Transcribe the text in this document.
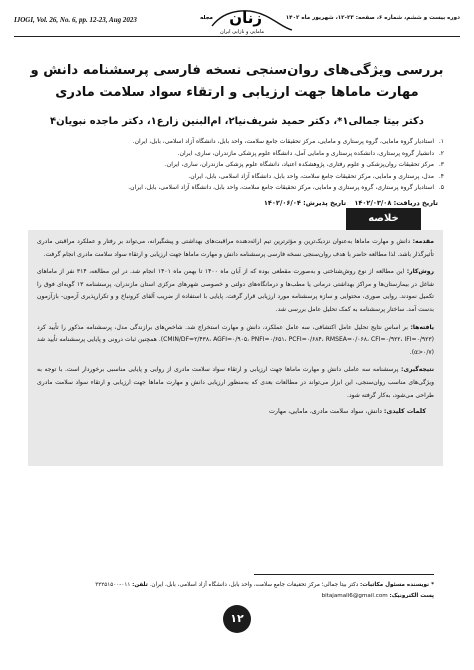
IJOGI, Vol. 26, No. 6, pp. 12-23, Aug 2023	مجله زنان
مامایی و نازایی ایران
دوره بیست و ششم، شماره ۶، صفحه: ۲۳-۱۲، شهریور ماه ۱۴۰۲
بررسی ویژگی‌های روان‌سنجی نسخه فارسی پرسشنامه دانش و مهارت ماماها جهت ارزیابی و ارتقاء سواد سلامت مادری
دکتر بیتا جمالی۱*، دکتر حمید شریف‌نیا۲، ام‌البنین زارع۱، دکتر ماجده نبویان۴
۱.استادیار گروه مامایی، گروه پرستاری و مامایی، مرکز تحقیقات جامع سلامت، واحد بابل، دانشگاه آزاد اسلامی، بابل، ایران.
۲.دانشیار گروه پرستاری، دانشکده پرستاری و مامایی آمل، دانشگاه علوم پزشکی مازندران، ساری، ایران.
۳.مرکز تحقیقات روان‌پزشکی و علوم رفتاری، پژوهشکده اعتیاد، دانشگاه علوم پزشکی مازندران، ساری، ایران.
۴.مدل، پرستاری و مامایی، مرکز تحقیقات جامع سلامت، واحد بابل، دانشگاه آزاد اسلامی، بابل، ایران.
۵.استادیار گروه پرستاری، گروه پرستاری و مامایی، مرکز تحقیقات جامع سلامت، واحد بابل، دانشگاه آزاد اسلامی، بابل، ایران.
تاریخ دریافت: ۱۴۰۲/۰۳/۰۸ تاریخ پذیرش: ۱۴۰۲/۰۶/۰۴
خلاصه

مقدمه: دانش و مهارت ماماها به‌عنوان نزدیک‌ترین و مؤثرترین تیم ارائه‌دهنده مراقبت‌های بهداشتی و پیشگیرانه، می‌تواند بر رفتار و عملکرد مراقبتی مادری تأثیرگذار باشد. لذا مطالعه حاضر با هدف روان‌سنجی نسخه فارسی پرسشنامه دانش و مهارت ماماها جهت ارزیابی و ارتقاء سواد سلامت مادری انجام گرفت.

روش‌کار: این مطالعه از نوع روش‌شناختی و به‌صورت مقطعی بوده که از آبان ماه ۱۴۰۰ تا بهمن ماه ۱۴۰۱ انجام شد. در این مطالعه، ۳۱۴ نفر از ماماهای شاغل در بیمارستان‌ها و مراکز بهداشتی درمانی یا مطب‌ها و درمانگاه‌های دولتی و خصوصی شهرهای مرکزی استان مازندران، پرسشنامه ۱۳ گویه‌ای فوق را تکمیل نمودند. روایی صوری، محتوایی و سازه پرسشنامه مورد ارزیابی قرار گرفت. پایایی با استفاده از ضریب آلفای کرونباخ و و تکرارپذیری آزمون- بازآزمون بدست آمد. ساختار پرسشنامه به کمک تحلیل عامل بررسی شد.

یافته‌ها: بر اساس نتایج تحلیل عامل اکتشافی، سه عامل عملکرد، دانش و مهارت استخراج شد. شاخص‌های برازندگی مدل، پرسشنامه مذکور را تأیید کرد (CMIN/DF=۲/۴۳۸، AGFI=۰/۹۰۵، PNFI=۰/۶۵۱، PCFI=۰/۶۸۴، RMSEA=۰/۰۶۸، CFI=۰/۹۲۲، IFI=۰/۹۲۳). همچنین ثبات درونی و پایایی پرسشنامه تأیید شد (α>۰/۷).

نتیجه‌گیری: پرسشنامه سه عاملی دانش و مهارت ماماها جهت ارزیابی و ارتقاء سواد سلامت مادری از روایی و پایایی مناسبی برخوردار است. با توجه به ویژگی‌های مناسب روان‌سنجی، این ابزار می‌تواند در مطالعات بعدی که به‌منظور ارزیابی دانش و مهارت ماماها جهت ارزیابی و ارتقاء سواد سلامت مادری طراحی می‌شود، به‌کار گرفته شود.

کلمات کلیدی: دانش، سواد سلامت مادری، مامایی، مهارت
* نویسنده مسئول مکاتبات: دکتر بیتا جمالی؛ مرکز تحقیقات جامع سلامت، واحد بابل، دانشگاه آزاد اسلامی، بابل، ایران. تلفن: ۰۱۱-۳۲۲۵۱۵۰۰
پست الکترونیک: bitajamali6@gmail.com
۱۲
